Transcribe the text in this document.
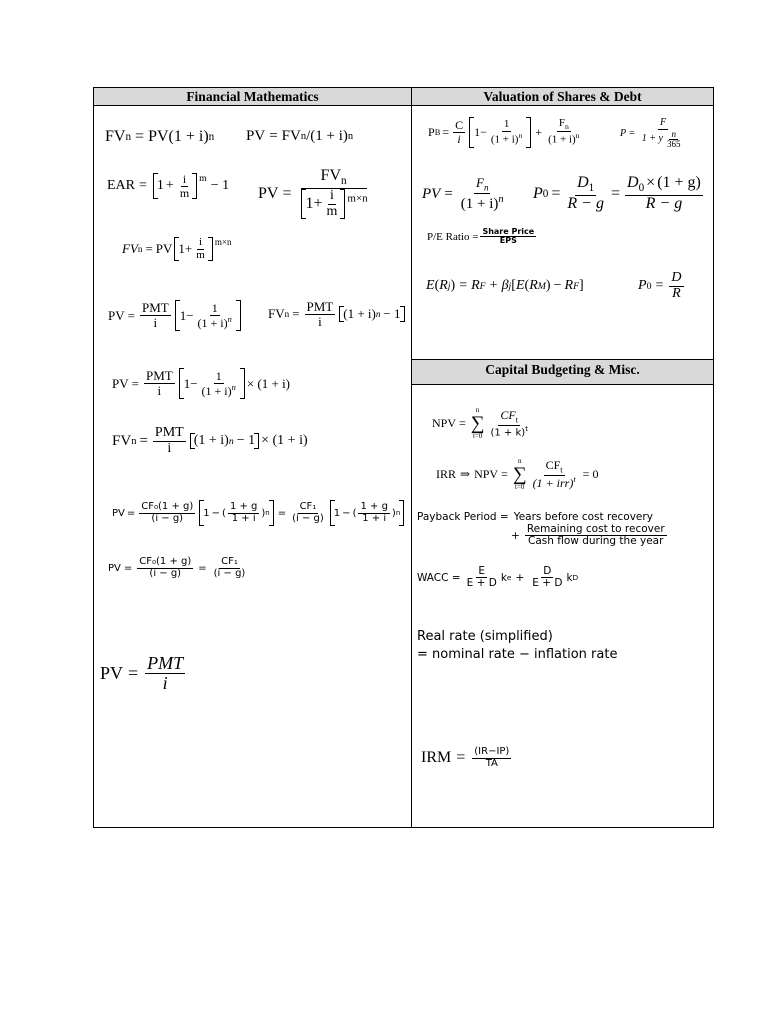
Financial Mathematics	Valuation of Shares & Debt
Capital Budgeting & Misc.
FV n = PV(1 + i) n PV = FV n /(1 + i) n
EAR = $1 + \frac{i}{m} ^m - 1$ PV =
$FV_n$
$1 + \frac{i}{m} ^{m\times n}$
FV n = PV $1 + \frac{i}{m} ^{m\times n}$
PV = $\frac{\text{PMT}}{i} 1 - \frac{1}{(1 + i)^n}$	FV $n = \frac{\text{PMT}}{i} (1 + i) n - 1$
PV = $\frac{\text{PMT}}{i} 1 - \frac{1}{(1 + i)^n} \times (1 + i)$
FV $n = \frac{\text{PMT}}{i} (1 + i) n - 1 \times (1 + i)$
PV = $\frac{\text{CF₀(1 + g)}}{(i - g)} 1$ − ( $\frac{1 + g}{1 + i}$ ) $n = \frac{\text{CF₁}}{(i - g)} 1$ − ( $\frac{1 + g}{1 + i}$ ) n
PV = $\frac{\text{CF₀(1 + g)}}{(i - g)} = \frac{\text{CF₁}}{(i - g)}$
PV = $\frac{\text{PMT}}{i}$
P $B = \frac{C}{i} 1 - \frac{1}{(1 + i)^n} + \frac{F_n}{(1 + i)^n}$	$P = \frac{F}{1 + y \frac{n}{365}}$
PV = $\frac{F_n}{(1 + i)^n}$ P $0 = \frac{D_1}{R - g} = \frac{D_0 \times (1 + g)}{R - g}$
P/E Ratio = $\frac{\text{Share Price}}{\text{EPS}}$
E ( R j ) = R F + β j [ E ( R M ) − R F ]	P $0 = \frac{D}{R}$
NPV =
n
∑
$t=0 \frac{CF_t}{(1 + k)^t}$
IRR ⇒ NPV =
n
∑
$t=0 \frac{CF_t}{(1 + irr)^t} = 0$
Payback Period = Years before cost recovery
+ $\frac{\text{Remaining cost to recover}}{\text{Cash flow during the year}}$
WACC = $\frac{E}{E + D}$ k $e + \frac{D}{E + D}$ k D
Real rate (simplified)
= nominal rate − inflation rate
IRM = $\frac{(IR-IP)}{TA}$
